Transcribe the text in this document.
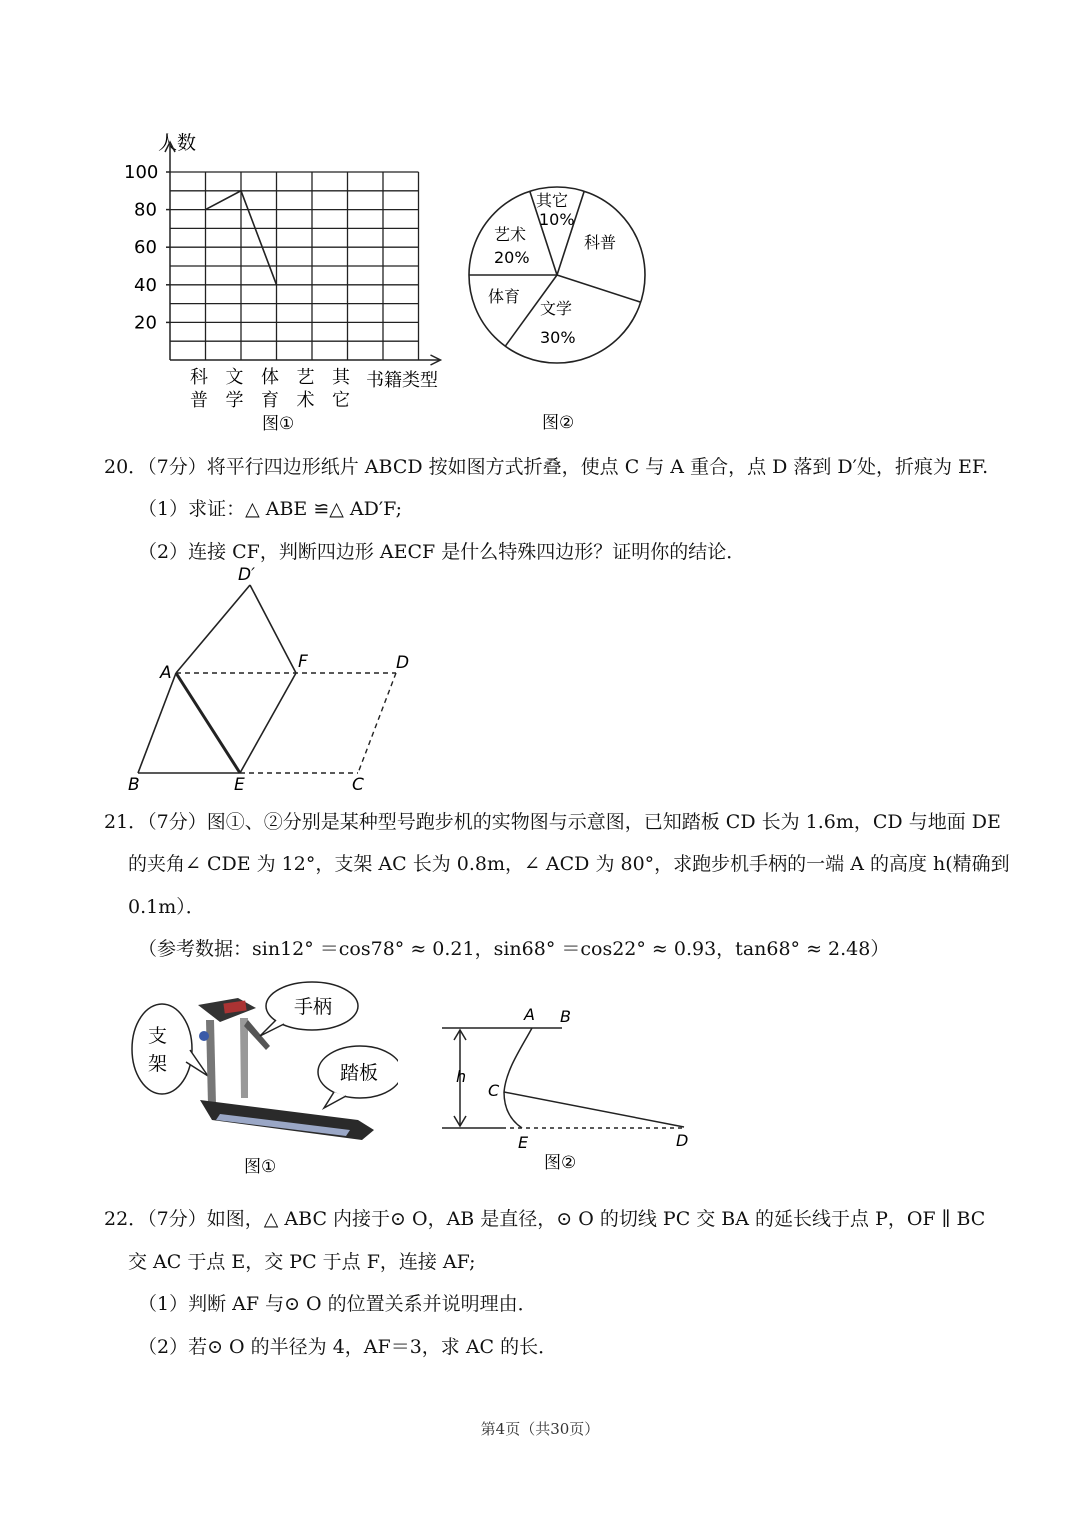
人数
100
80
60
40
20
科
普
文
学
体
育
艺
术
其
它
书籍类型
图①
其它
10%
科普
文学
30%
体育
艺术
20%
图②
20．（7分）将平行四边形纸片 ABCD 按如图方式折叠，使点 C 与 A 重合，点 D 落到 D′处，折痕为 EF.
（1）求证：△ ABE ≌△ AD′F;
（2）连接 CF，判断四边形 AECF 是什么特殊四边形？证明你的结论．
D′
A
F	D
B	E	C
21．（7分）图①、②分别是某种型号跑步机的实物图与示意图，已知踏板 CD 长为 1.6m，CD 与地面 DE
的夹角∠ CDE 为 12°，支架 AC 长为 0.8m，∠ ACD 为 80°，求跑步机手柄的一端 A 的高度 h(精确到
0.1m）．
（参考数据：sin12° ＝cos78° ≈ 0.21，sin68° ＝cos22° ≈ 0.93，tan68° ≈ 2.48）
支
架
手柄
踏板
图①
A B
h
C
E	D
图②
22．（7分）如图，△ ABC 内接于⊙ O，AB 是直径，⊙ O 的切线 PC 交 BA 的延长线于点 P，OF ∥ BC
交 AC 于点 E，交 PC 于点 F，连接 AF;
（1）判断 AF 与⊙ O 的位置关系并说明理由．
（2）若⊙ O 的半径为 4，AF＝3，求 AC 的长．
第4页（共30页）
